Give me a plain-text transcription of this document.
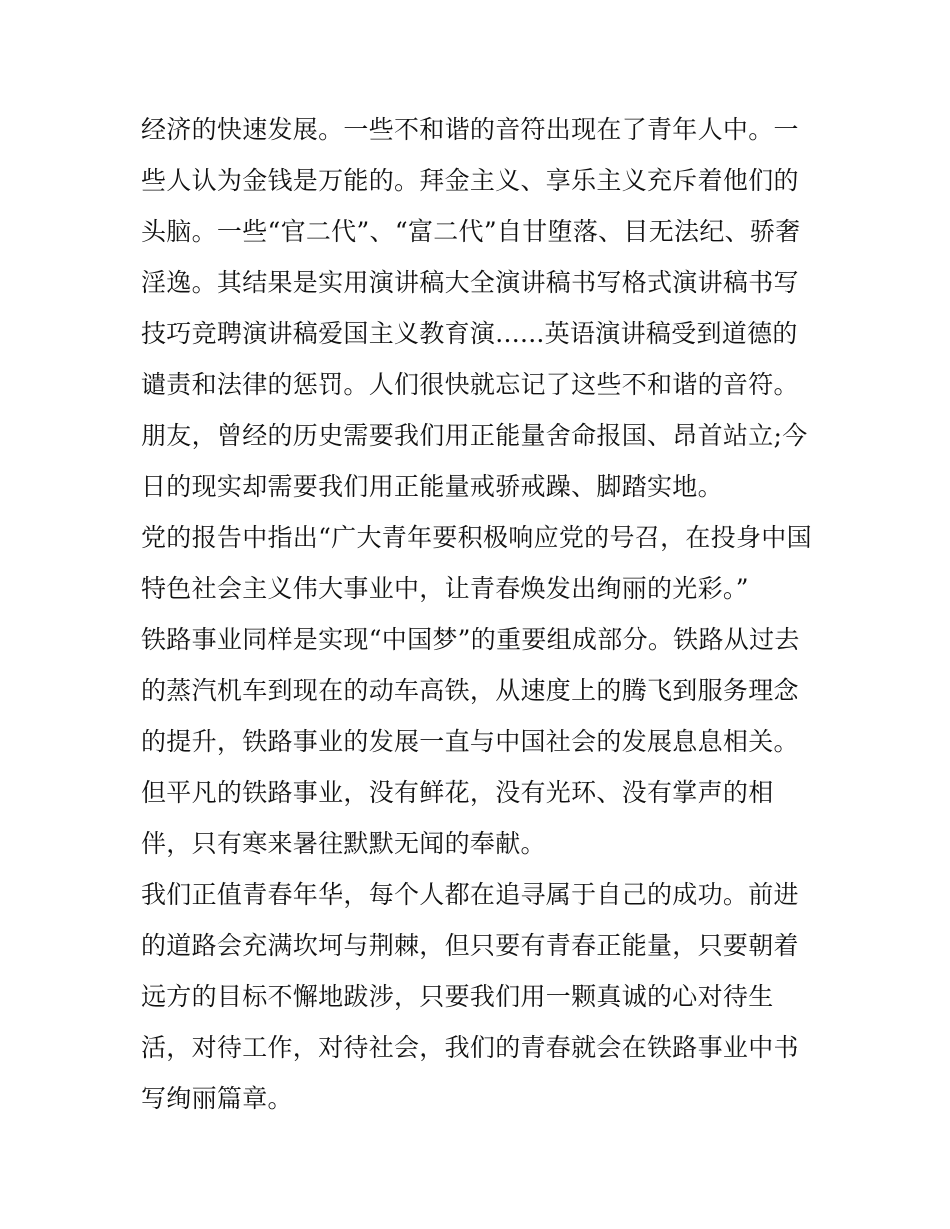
经济的快速发展。一些不和谐的音符出现在了青年人中。一些人认为金钱是万能的。拜金主义、享乐主义充斥着他们的头脑。一些“官二代”、“富二代”自甘堕落、目无法纪、骄奢淫逸。其结果是实用演讲稿大全演讲稿书写格式演讲稿书写技巧竞聘演讲稿爱国主义教育演......英语演讲稿受到道德的谴责和法律的惩罚。人们很快就忘记了这些不和谐的音符。

朋友，曾经的历史需要我们用正能量舍命报国、昂首站立;今日的现实却需要我们用正能量戒骄戒躁、脚踏实地。

党的报告中指出“广大青年要积极响应党的号召，在投身中国特色社会主义伟大事业中，让青春焕发出绚丽的光彩。”

铁路事业同样是实现“中国梦”的重要组成部分。铁路从过去的蒸汽机车到现在的动车高铁，从速度上的腾飞到服务理念的提升，铁路事业的发展一直与中国社会的发展息息相关。但平凡的铁路事业，没有鲜花，没有光环、没有掌声的相伴，只有寒来暑往默默无闻的奉献。

我们正值青春年华，每个人都在追寻属于自己的成功。前进的道路会充满坎坷与荆棘，但只要有青春正能量，只要朝着远方的目标不懈地跋涉，只要我们用一颗真诚的心对待生活，对待工作，对待社会，我们的青春就会在铁路事业中书写绚丽篇章。
